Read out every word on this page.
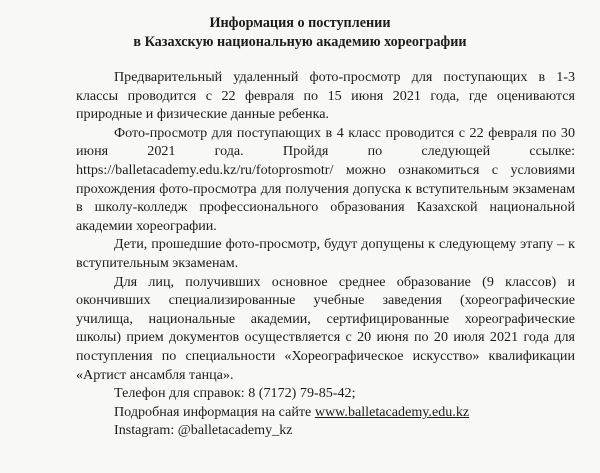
Информация о поступлении
в Казахскую национальную академию хореографии

Предварительный удаленный фото-просмотр для поступающих в 1-3 классы проводится с 22 февраля по 15 июня 2021 года, где оцениваются природные и физические данные ребенка.

Фото-просмотр для поступающих в 4 класс проводится с 22 февраля по 30 июня 2021 года. Пройдя по следующей ссылке: https://balletacademy.edu.kz/ru/fotoprosmotr/ можно ознакомиться с условиями прохождения фото-просмотра для получения допуска к вступительным экзаменам в школу-колледж профессионального образования Казахской национальной академии хореографии.

Дети, прошедшие фото-просмотр, будут допущены к следующему этапу – к вступительным экзаменам.

Для лиц, получивших основное среднее образование (9 классов) и окончивших специализированные учебные заведения (хореографические училища, национальные академии, сертифицированные хореографические школы) прием документов осуществляется с 20 июня по 20 июля 2021 года для поступления по специальности «Хореографическое искусство» квалификации «Артист ансамбля танца».

Телефон для справок: 8 (7172) 79-85-42;

Подробная информация на сайте www.balletacademy.edu.kz

Instagram: @balletacademy_kz
